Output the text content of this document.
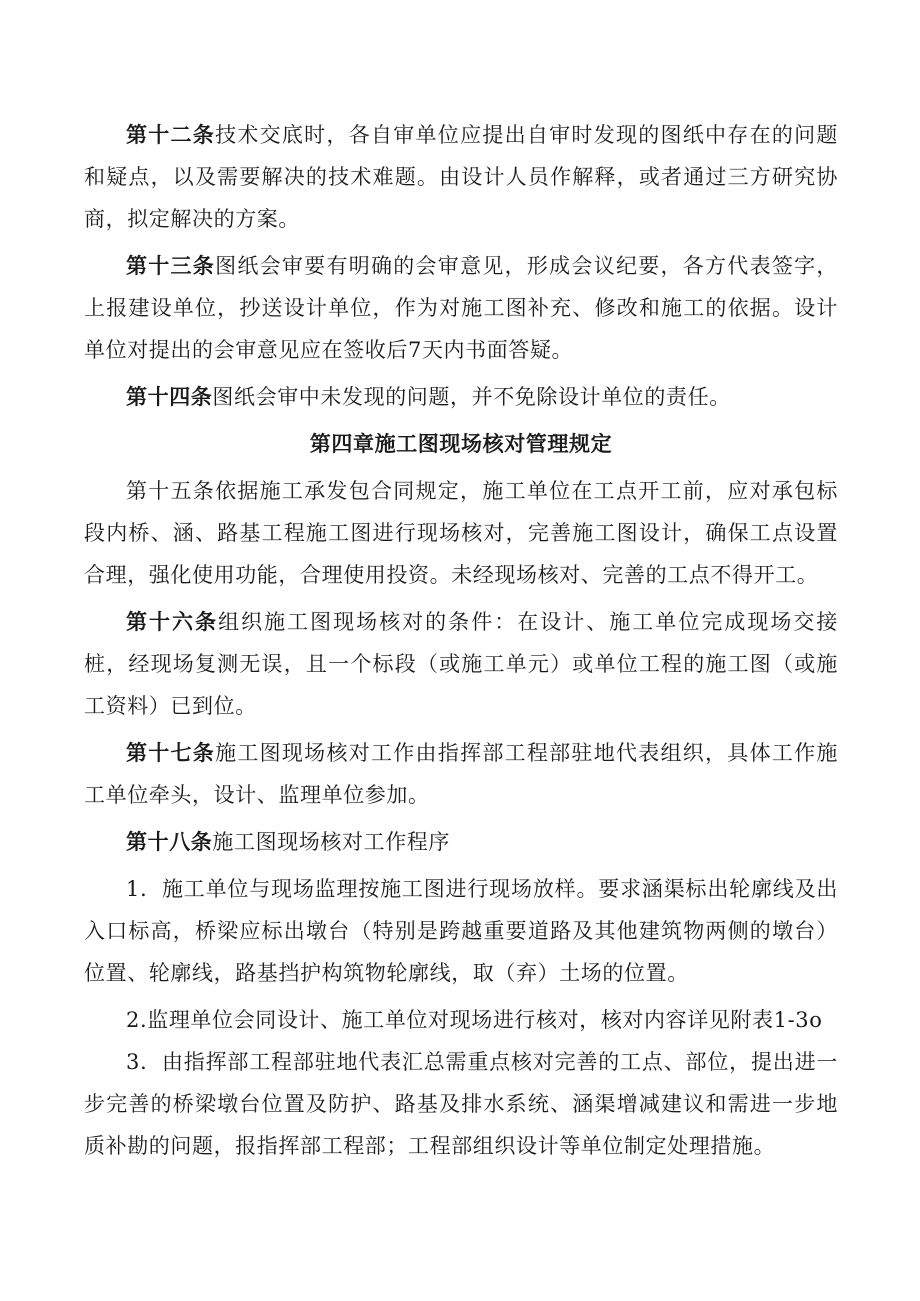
第十二条技术交底时，各自审单位应提出自审时发现的图纸中存在的问题和疑点，以及需要解决的技术难题。由设计人员作解释，或者通过三方研究协商，拟定解决的方案。

第十三条图纸会审要有明确的会审意见，形成会议纪要，各方代表签字，上报建设单位，抄送设计单位，作为对施工图补充、修改和施工的依据。设计单位对提出的会审意见应在签收后7天内书面答疑。

第十四条图纸会审中未发现的问题，并不免除设计单位的责任。

第四章施工图现场核对管理规定

第十五条依据施工承发包合同规定，施工单位在工点开工前，应对承包标段内桥、涵、路基工程施工图进行现场核对，完善施工图设计，确保工点设置合理，强化使用功能，合理使用投资。未经现场核对、完善的工点不得开工。

第十六条组织施工图现场核对的条件：在设计、施工单位完成现场交接桩，经现场复测无误，且一个标段（或施工单元）或单位工程的施工图（或施工资料）已到位。

第十七条施工图现场核对工作由指挥部工程部驻地代表组织，具体工作施工单位牵头，设计、监理单位参加。

第十八条施工图现场核对工作程序

1．施工单位与现场监理按施工图进行现场放样。要求涵渠标出轮廓线及出入口标高，桥梁应标出墩台（特别是跨越重要道路及其他建筑物两侧的墩台）位置、轮廓线，路基挡护构筑物轮廓线，取（弃）土场的位置。

2.监理单位会同设计、施工单位对现场进行核对，核对内容详见附表1-3o

3．由指挥部工程部驻地代表汇总需重点核对完善的工点、部位，提出进一步完善的桥梁墩台位置及防护、路基及排水系统、涵渠增减建议和需进一步地质补勘的问题，报指挥部工程部；工程部组织设计等单位制定处理措施。
